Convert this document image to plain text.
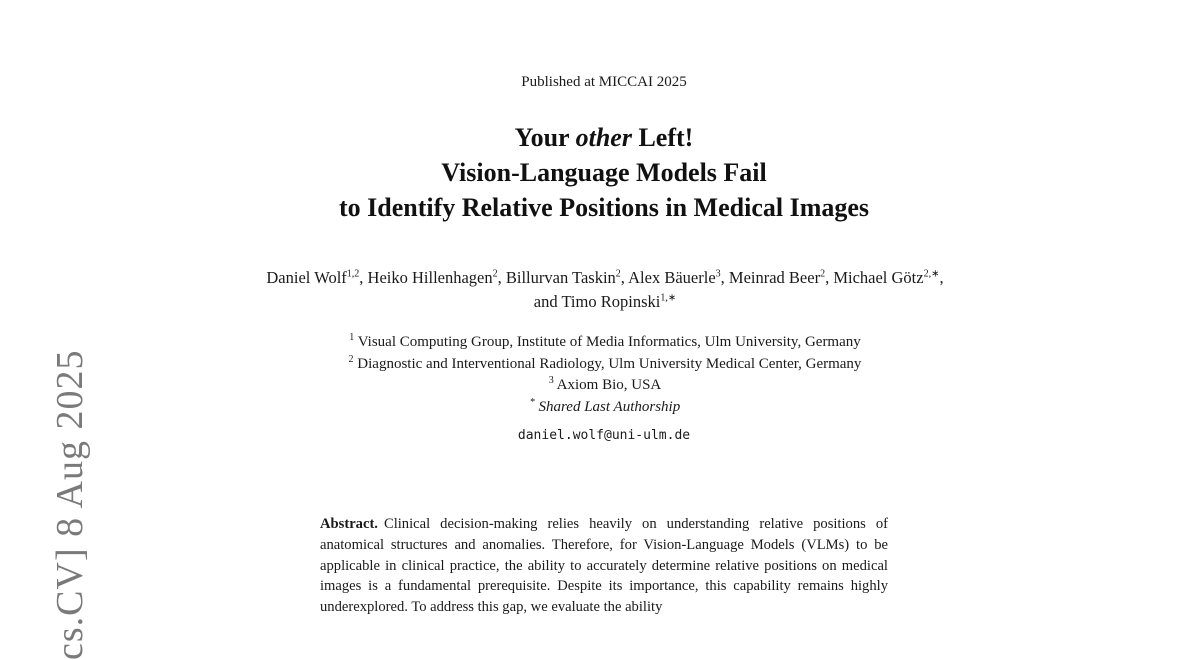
Published at MICCAI 2025
Your other Left!
Vision-Language Models Fail
to Identify Relative Positions in Medical Images
Daniel Wolf$^{1,2}$, Heiko Hillenhagen$^2$, Billurvan Taskin$^2$, Alex Bäuerle$^3$, Meinrad Beer$^2$, Michael Götz$^{2,∗}$, and Timo Ropinski$^{1,∗}$
$^1$ Visual Computing Group, Institute of Media Informatics, Ulm University, Germany
$^2$ Diagnostic and Interventional Radiology, Ulm University Medical Center, Germany
$^3$ Axiom Bio, USA
* Shared Last Authorship
daniel.wolf@uni-ulm.de
Abstract. Clinical decision-making relies heavily on understanding relative positions of anatomical structures and anomalies. Therefore, for Vision-Language Models (VLMs) to be applicable in clinical practice, the ability to accurately determine relative positions on medical images is a fundamental prerequisite. Despite its importance, this capability remains highly underexplored. To address this gap, we evaluate the ability
cs.CV] 8 Aug 2025
